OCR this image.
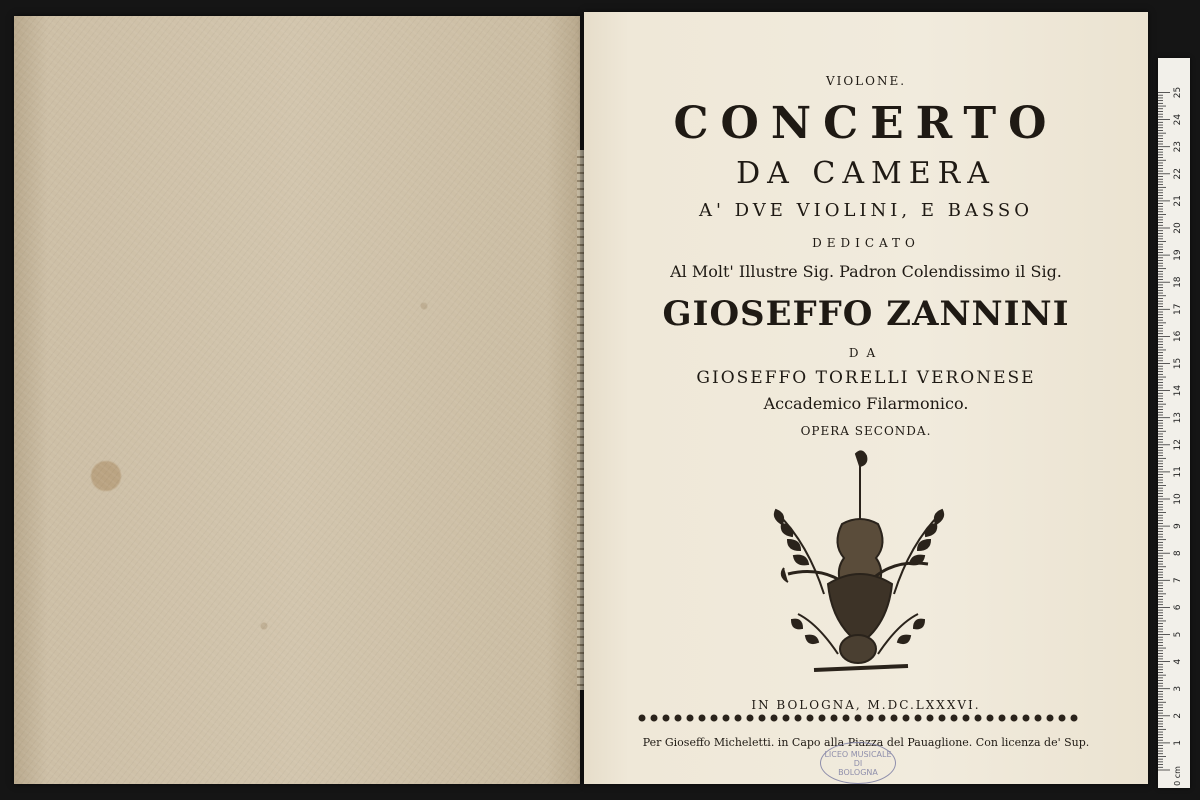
VIOLONE.
CONCERTO
DA CAMERA
A' DVE VIOLINI, E BASSO
DEDICATO
Al Molt' Illustre Sig. Padron Colendissimo il Sig.
GIOSEFFO ZANNINI
DA
GIOSEFFO TORELLI VERONESE
Accademico Filarmonico.
OPERA SECONDA.
IN BOLOGNA, M.DC.LXXXVI.
Per Gioseffo Micheletti. in Capo alla Piazza del Pauaglione. Con licenza de' Sup.
LICEO MUSICALE
DI
BOLOGNA
1
2
3
4
5
6
7
8
9
10
11
12
13
14
15
16
17
18
19
20
21
22
23
24
25
0 cm
